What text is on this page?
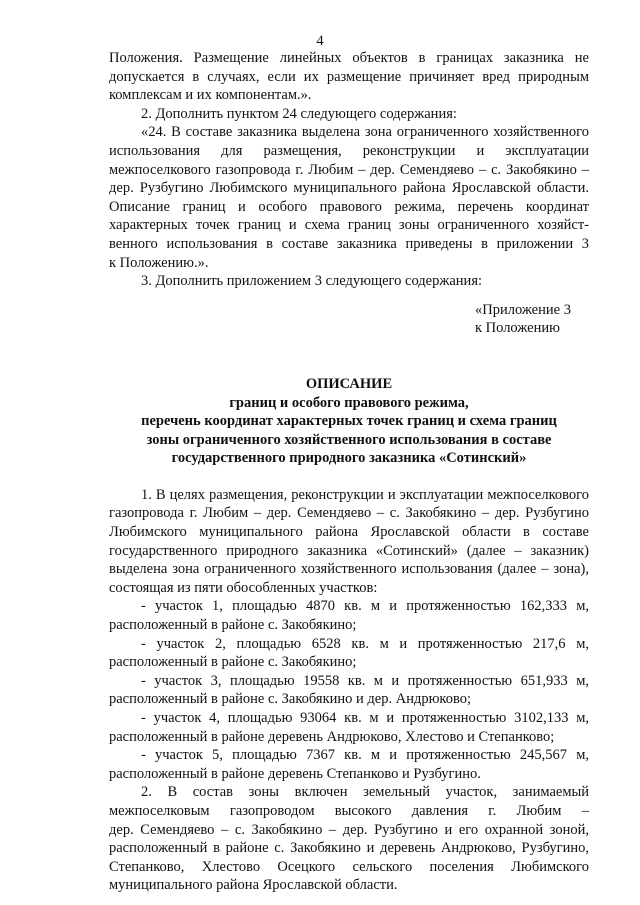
4

Положения. Размещение линейных объектов в границах заказника не
допускается в случаях, если их размещение причиняет вред природным
комплексам и их компонентам.».

2. Дополнить пунктом 24 следующего содержания:

«24. В составе заказника выделена зона ограниченного хозяйственного

использования для размещения, реконструкции и эксплуатации

межпоселкового газопровода г. Любим – дер. Семендяево – с. Закобякино –

дер. Рузбугино Любимского муниципального района Ярославской области.

Описание границ и особого правового режима, перечень координат

характерных точек границ и схема границ зоны ограниченного хозяйст-

венного использования в составе заказника приведены в приложении 3

к Положению.».

3. Дополнить приложением 3 следующего содержания:

«Приложение 3
к Положению
ОПИСАНИЕ
границ и особого правового режима,
перечень координат характерных точек границ и схема границ
зоны ограниченного хозяйственного использования в составе
государственного природного заказника «Сотинский»

1. В целях размещения, реконструкции и эксплуатации межпоселкового

газопровода г. Любим – дер. Семендяево – с. Закобякино – дер. Рузбугино

Любимского муниципального района Ярославской области в составе

государственного природного заказника «Сотинский» (далее – заказник)

выделена зона ограниченного хозяйственного использования (далее – зона),

состоящая из пяти обособленных участков:

- участок 1, площадью 4870 кв. м и протяженностью 162,333 м,

расположенный в районе с. Закобякино;

- участок 2, площадью 6528 кв. м и протяженностью 217,6 м,

расположенный в районе с. Закобякино;

- участок 3, площадью 19558 кв. м и протяженностью 651,933 м,

расположенный в районе с. Закобякино и дер. Андрюково;

- участок 4, площадью 93064 кв. м и протяженностью 3102,133 м,

расположенный в районе деревень Андрюково, Хлестово и Степанково;

- участок 5, площадью 7367 кв. м и протяженностью 245,567 м,

расположенный в районе деревень Степанково и Рузбугино.

2. В состав зоны включен земельный участок, занимаемый

межпоселковым газопроводом высокого давления г. Любим –

дер. Семендяево – с. Закобякино – дер. Рузбугино и его охранной зоной,

расположенный в районе с. Закобякино и деревень Андрюково, Рузбугино,

Степанково, Хлестово Осецкого сельского поселения Любимского

муниципального района Ярославской области.
